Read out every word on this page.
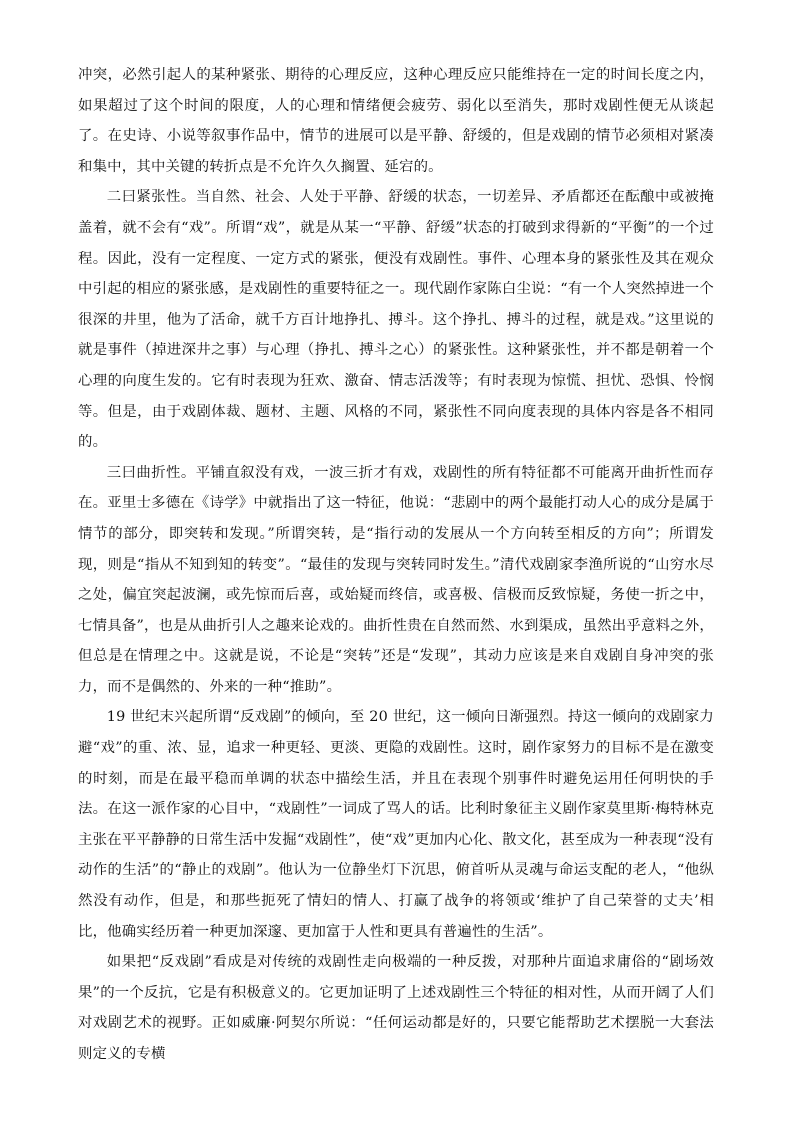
冲突，必然引起人的某种紧张、期待的心理反应，这种心理反应只能维持在一定的时间长度之内，如果超过了这个时间的限度，人的心理和情绪便会疲劳、弱化以至消失，那时戏剧性便无从谈起了。在史诗、小说等叙事作品中，情节的进展可以是平静、舒缓的，但是戏剧的情节必须相对紧凑和集中，其中关键的转折点是不允许久久搁置、延宕的。

二曰紧张性。当自然、社会、人处于平静、舒缓的状态，一切差异、矛盾都还在酝酿中或被掩盖着，就不会有“戏”。所谓“戏”，就是从某一“平静、舒缓”状态的打破到求得新的“平衡”的一个过程。因此，没有一定程度、一定方式的紧张，便没有戏剧性。事件、心理本身的紧张性及其在观众中引起的相应的紧张感，是戏剧性的重要特征之一。现代剧作家陈白尘说：“有一个人突然掉进一个很深的井里，他为了活命，就千方百计地挣扎、搏斗。这个挣扎、搏斗的过程，就是戏。”这里说的就是事件（掉进深井之事）与心理（挣扎、搏斗之心）的紧张性。这种紧张性，并不都是朝着一个心理的向度生发的。它有时表现为狂欢、激奋、情志活泼等；有时表现为惊慌、担忧、恐惧、怜悯等。但是，由于戏剧体裁、题材、主题、风格的不同，紧张性不同向度表现的具体内容是各不相同的。

三曰曲折性。平铺直叙没有戏，一波三折才有戏，戏剧性的所有特征都不可能离开曲折性而存在。亚里士多德在《诗学》中就指出了这一特征，他说：“悲剧中的两个最能打动人心的成分是属于情节的部分，即突转和发现。”所谓突转，是“指行动的发展从一个方向转至相反的方向”；所谓发现，则是“指从不知到知的转变”。“最佳的发现与突转同时发生。”清代戏剧家李渔所说的“山穷水尽之处，偏宜突起波澜，或先惊而后喜，或始疑而终信，或喜极、信极而反致惊疑，务使一折之中，七情具备”，也是从曲折引人之趣来论戏的。曲折性贵在自然而然、水到渠成，虽然出乎意料之外，但总是在情理之中。这就是说，不论是“突转”还是“发现”，其动力应该是来自戏剧自身冲突的张力，而不是偶然的、外来的一种“推助”。

19 世纪末兴起所谓“反戏剧”的倾向，至 20 世纪，这一倾向日渐强烈。持这一倾向的戏剧家力避“戏”的重、浓、显，追求一种更轻、更淡、更隐的戏剧性。这时，剧作家努力的目标不是在激变的时刻，而是在最平稳而单调的状态中描绘生活，并且在表现个别事件时避免运用任何明快的手法。在这一派作家的心目中，“戏剧性”一词成了骂人的话。比利时象征主义剧作家莫里斯·梅特林克主张在平平静静的日常生活中发掘“戏剧性”，使“戏”更加内心化、散文化，甚至成为一种表现“没有动作的生活”的“静止的戏剧”。他认为一位静坐灯下沉思，俯首听从灵魂与命运支配的老人，“他纵然没有动作，但是，和那些扼死了情妇的情人、打赢了战争的将领或‘维护了自己荣誉的丈夫’相比，他确实经历着一种更加深邃、更加富于人性和更具有普遍性的生活”。

如果把“反戏剧”看成是对传统的戏剧性走向极端的一种反拨，对那种片面追求庸俗的“剧场效果”的一个反抗，它是有积极意义的。它更加证明了上述戏剧性三个特征的相对性，从而开阔了人们对戏剧艺术的视野。正如威廉·阿契尔所说：“任何运动都是好的，只要它能帮助艺术摆脱一大套法则定义的专横
